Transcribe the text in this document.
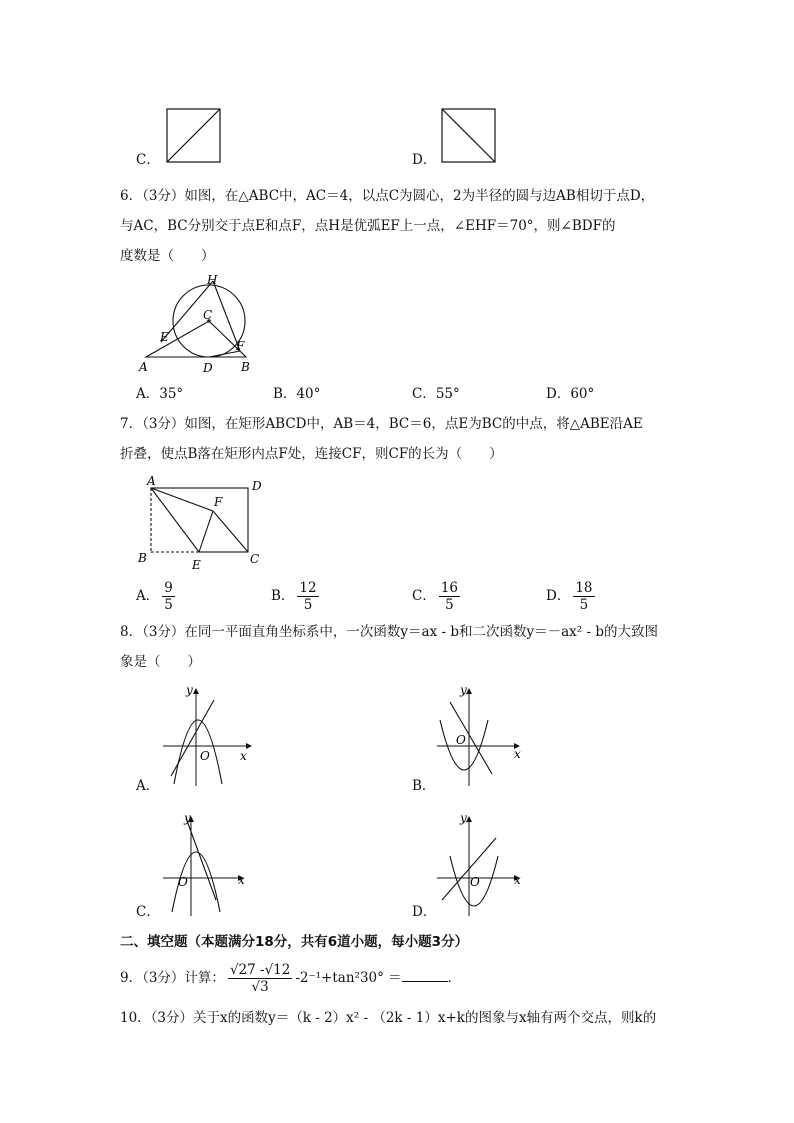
C．	D．
6．（3分）如图，在△ABC中，AC＝4，以点C为圆心，2为半径的圆与边AB相切于点D，
与AC，BC分别交于点E和点F，点H是优弧EF上一点，∠EHF＝70°，则∠BDF的
度数是（　　）
H
C
E
F
A	D B
A．35°	B．40°	C．55°	D．60°
7．（3分）如图，在矩形ABCD中，AB＝4，BC＝6，点E为BC的中点，将△ABE沿AE
折叠，使点B落在矩形内点F处，连接CF，则CF的长为（　　）
A	D
F
B	E	C
A． $\frac{9}{5}$	B． $\frac{12}{5}$	C． $\frac{16}{5}$	D． $\frac{18}{5}$
8．（3分）在同一平面直角坐标系中，一次函数y＝ax - b和二次函数y＝－ax² - b的大致图
象是（　　）
x
y
O
A．
x
y
O
B．
x
y
O
C．
x
y
O
D．
二、填空题（本题满分18分，共有6道小题，每小题3分）
9．（3分）计算： $\frac{√27 -√12}{√3} -2^{-1}+\tan^230^\circ$ ＝	．
10．（3分）关于x的函数y＝（k - 2）x² - （2k - 1）x+k的图象与x轴有两个交点，则k的
